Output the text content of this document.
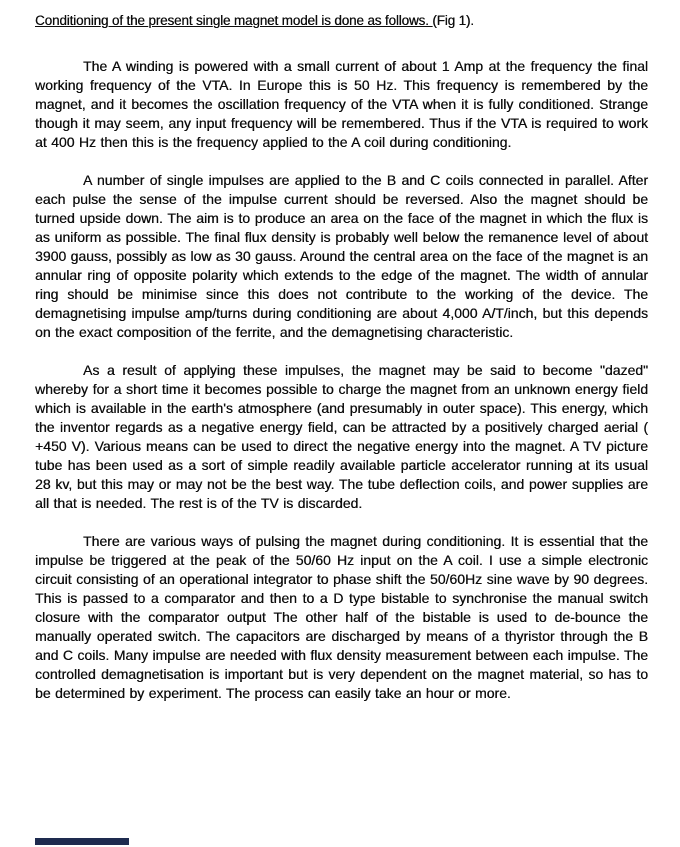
Conditioning of the present single magnet model is done as follows. (Fig 1).

The A winding is powered with a small current of about 1 Amp at the frequency the final working frequency of the VTA. In Europe this is 50 Hz. This frequency is remembered by the magnet, and it becomes the oscillation frequency of the VTA when it is fully conditioned. Strange though it may seem, any input frequency will be remembered. Thus if the VTA is required to work at 400 Hz then this is the frequency applied to the A coil during conditioning.

A number of single impulses are applied to the B and C coils connected in parallel. After each pulse the sense of the impulse current should be reversed. Also the magnet should be turned upside down. The aim is to produce an area on the face of the magnet in which the flux is as uniform as possible. The final flux density is probably well below the remanence level of about 3900 gauss, possibly as low as 30 gauss. Around the central area on the face of the magnet is an annular ring of opposite polarity which extends to the edge of the magnet. The width of annular ring should be minimise since this does not contribute to the working of the device. The demagnetising impulse amp/turns during conditioning are about 4,000 A/T/inch, but this depends on the exact composition of the ferrite, and the demagnetising characteristic.

As a result of applying these impulses, the magnet may be said to become "dazed" whereby for a short time it becomes possible to charge the magnet from an unknown energy field which is available in the earth's atmosphere (and presumably in outer space). This energy, which the inventor regards as a negative energy field, can be attracted by a positively charged aerial ( +450 V). Various means can be used to direct the negative energy into the magnet. A TV picture tube has been used as a sort of simple readily available particle accelerator running at its usual 28 kv, but this may or may not be the best way. The tube deflection coils, and power supplies are all that is needed. The rest is of the TV is discarded.

There are various ways of pulsing the magnet during conditioning. It is essential that the impulse be triggered at the peak of the 50/60 Hz input on the A coil. I use a simple electronic circuit consisting of an operational integrator to phase shift the 50/60Hz sine wave by 90 degrees. This is passed to a comparator and then to a D type bistable to synchronise the manual switch closure with the comparator output The other half of the bistable is used to de-bounce the manually operated switch. The capacitors are discharged by means of a thyristor through the B and C coils. Many impulse are needed with flux density measurement between each impulse. The controlled demagnetisation is important but is very dependent on the magnet material, so has to be determined by experiment. The process can easily take an hour or more.
